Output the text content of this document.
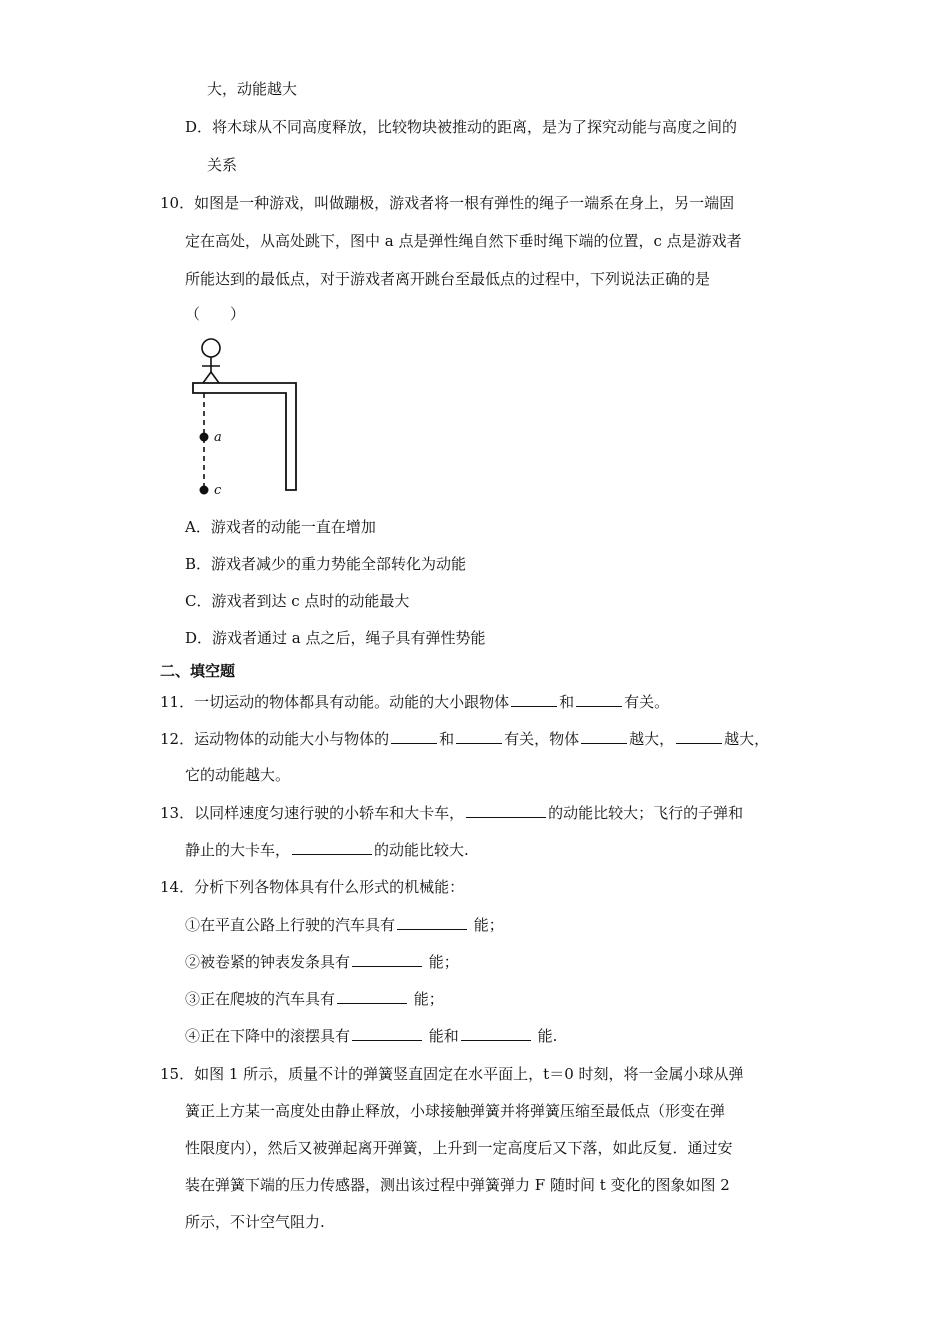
大，动能越大
D．将木球从不同高度释放，比较物块被推动的距离，是为了探究动能与高度之间的
关系
10．如图是一种游戏，叫做蹦极，游戏者将一根有弹性的绳子一端系在身上，另一端固
定在高处，从高处跳下，图中 a 点是弹性绳自然下垂时绳下端的位置，c 点是游戏者
所能达到的最低点，对于游戏者离开跳台至最低点的过程中，下列说法正确的是
（　　）
a
c
A．游戏者的动能一直在增加
B．游戏者减少的重力势能全部转化为动能
C．游戏者到达 c 点时的动能最大
D．游戏者通过 a 点之后，绳子具有弹性势能
二、填空题
11．一切运动的物体都具有动能。动能的大小跟物体	和	有关。
12．运动物体的动能大小与物体的	和	有关，物体	越大，	越大，
它的动能越大。
13．以同样速度匀速行驶的小轿车和大卡车，	的动能比较大；飞行的子弹和
静止的大卡车，	的动能比较大.
14．分析下列各物体具有什么形式的机械能：
①在平直公路上行驶的汽车具有	能；
②被卷紧的钟表发条具有	能；
③正在爬坡的汽车具有	能；
④正在下降中的滚摆具有	能和	能.
15．如图 1 所示，质量不计的弹簧竖直固定在水平面上，t＝0 时刻，将一金属小球从弹
簧正上方某一高度处由静止释放，小球接触弹簧并将弹簧压缩至最低点（形变在弹
性限度内），然后又被弹起离开弹簧，上升到一定高度后又下落，如此反复．通过安
装在弹簧下端的压力传感器，测出该过程中弹簧弹力 F 随时间 t 变化的图象如图 2
所示，不计空气阻力.
